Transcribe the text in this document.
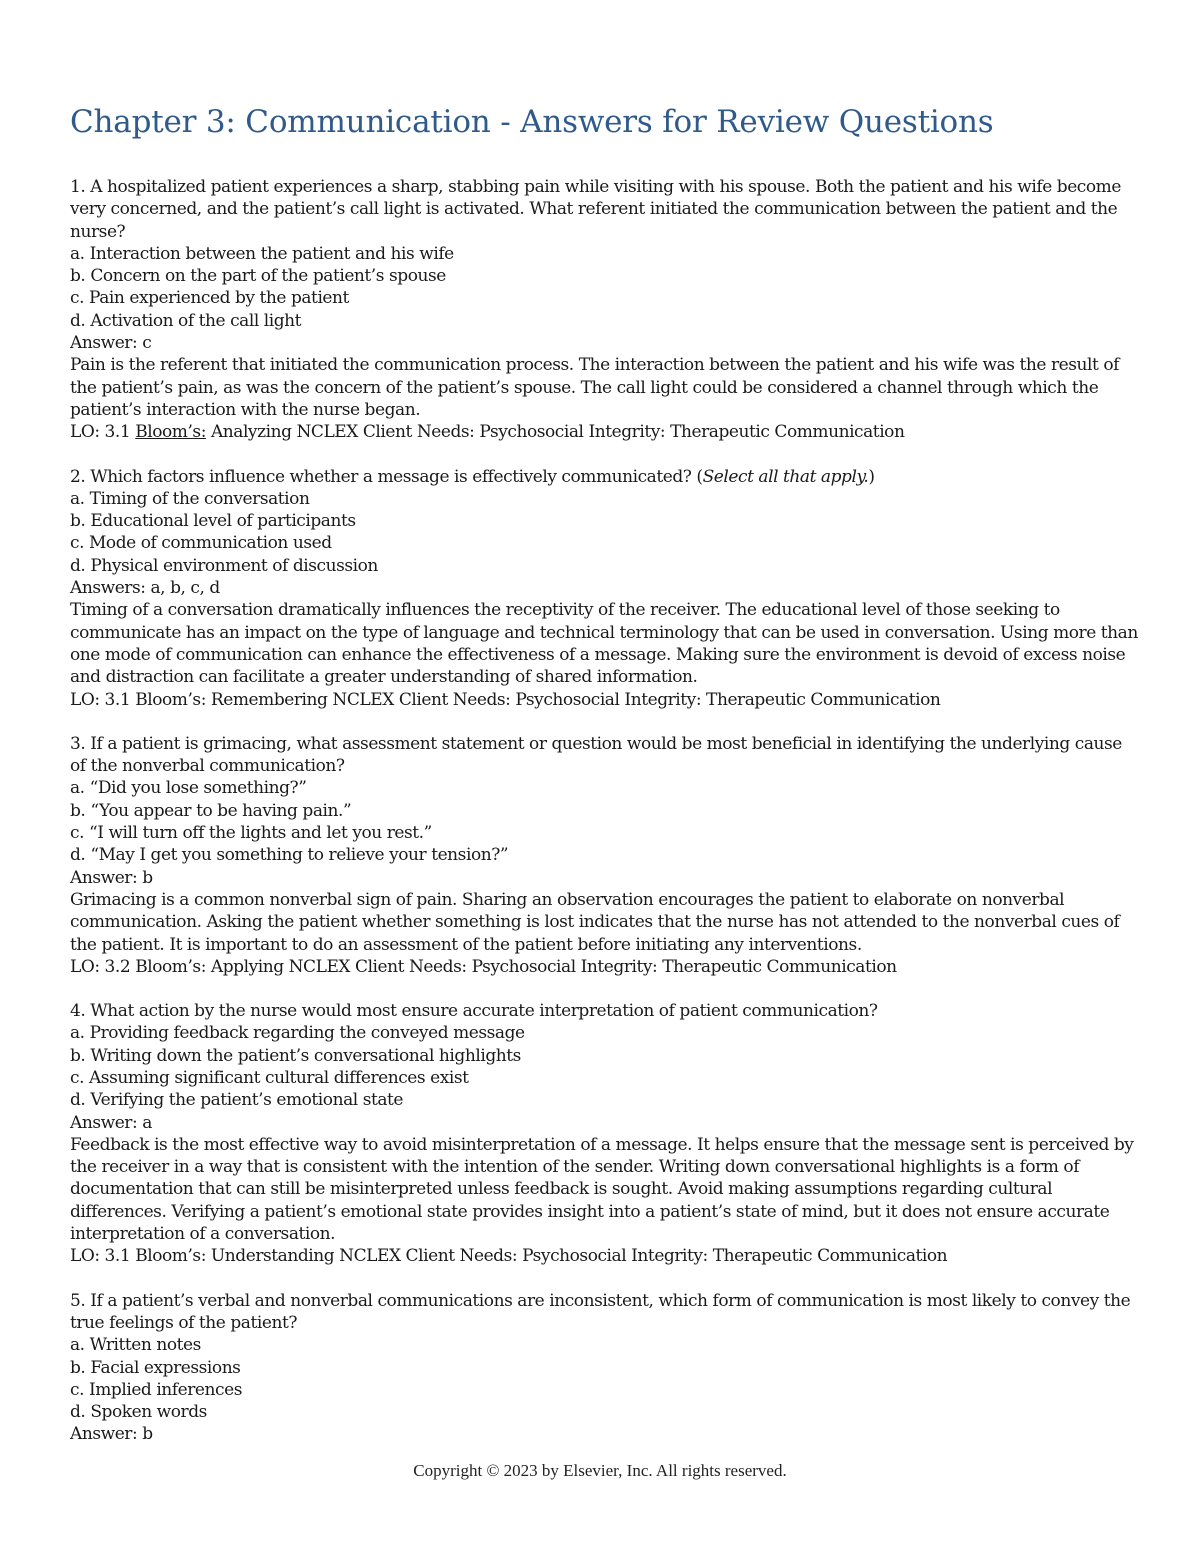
Chapter 3: Communication - Answers for Review Questions

1. A hospitalized patient experiences a sharp, stabbing pain while visiting with his spouse. Both the patient and his wife become very concerned, and the patient’s call light is activated. What referent initiated the communication between the patient and the nurse?

a. Interaction between the patient and his wife

b. Concern on the part of the patient’s spouse

c. Pain experienced by the patient

d. Activation of the call light

Answer: c

Pain is the referent that initiated the communication process. The interaction between the patient and his wife was the result of the patient’s pain, as was the concern of the patient’s spouse. The call light could be considered a channel through which the patient’s interaction with the nurse began.

LO: 3.1 Bloom’s: Analyzing NCLEX Client Needs: Psychosocial Integrity: Therapeutic Communication

2. Which factors influence whether a message is effectively communicated? (Select all that apply.)

a. Timing of the conversation

b. Educational level of participants

c. Mode of communication used

d. Physical environment of discussion

Answers: a, b, c, d

Timing of a conversation dramatically influences the receptivity of the receiver. The educational level of those seeking to communicate has an impact on the type of language and technical terminology that can be used in conversation. Using more than one mode of communication can enhance the effectiveness of a message. Making sure the environment is devoid of excess noise and distraction can facilitate a greater understanding of shared information.

LO: 3.1 Bloom’s: Remembering NCLEX Client Needs: Psychosocial Integrity: Therapeutic Communication

3. If a patient is grimacing, what assessment statement or question would be most beneficial in identifying the underlying cause of the nonverbal communication?

a. “Did you lose something?”

b. “You appear to be having pain.”

c. “I will turn off the lights and let you rest.”

d. “May I get you something to relieve your tension?”

Answer: b

Grimacing is a common nonverbal sign of pain. Sharing an observation encourages the patient to elaborate on nonverbal communication. Asking the patient whether something is lost indicates that the nurse has not attended to the nonverbal cues of the patient. It is important to do an assessment of the patient before initiating any interventions.

LO: 3.2 Bloom’s: Applying NCLEX Client Needs: Psychosocial Integrity: Therapeutic Communication

4. What action by the nurse would most ensure accurate interpretation of patient communication?

a. Providing feedback regarding the conveyed message

b. Writing down the patient’s conversational highlights

c. Assuming significant cultural differences exist

d. Verifying the patient’s emotional state

Answer: a

Feedback is the most effective way to avoid misinterpretation of a message. It helps ensure that the message sent is perceived by the receiver in a way that is consistent with the intention of the sender. Writing down conversational highlights is a form of documentation that can still be misinterpreted unless feedback is sought. Avoid making assumptions regarding cultural differences. Verifying a patient’s emotional state provides insight into a patient’s state of mind, but it does not ensure accurate interpretation of a conversation.

LO: 3.1 Bloom’s: Understanding NCLEX Client Needs: Psychosocial Integrity: Therapeutic Communication

5. If a patient’s verbal and nonverbal communications are inconsistent, which form of communication is most likely to convey the true feelings of the patient?

a. Written notes

b. Facial expressions

c. Implied inferences

d. Spoken words

Answer: b

Copyright © 2023 by Elsevier, Inc. All rights reserved.
